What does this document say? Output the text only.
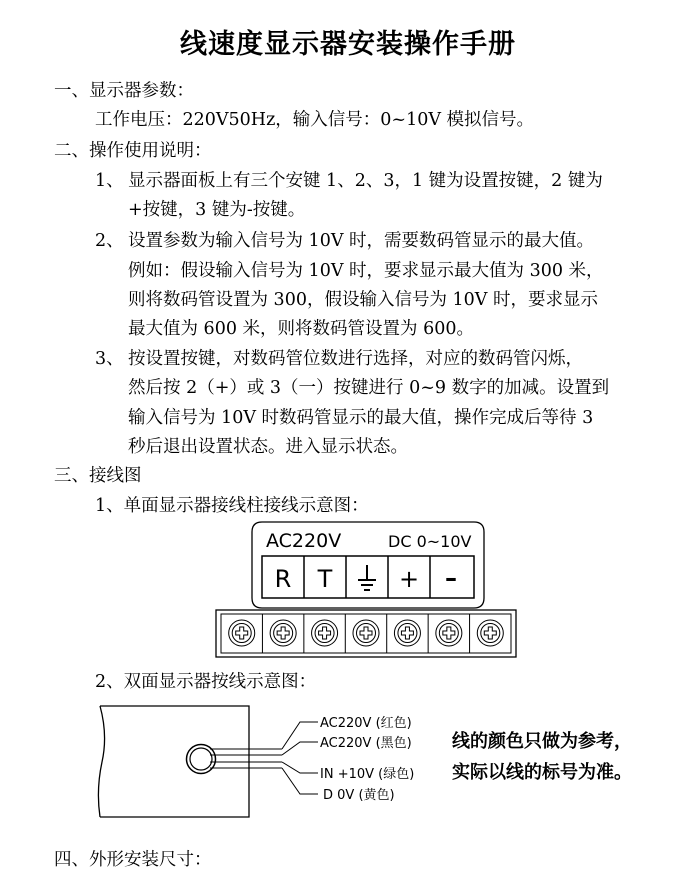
线速度显示器安装操作手册
一、显示器参数：
工作电压：220V50Hz，输入信号：0~10V 模拟信号。
二、操作使用说明：
1、 显示器面板上有三个安键 1、2、3，1 键为设置按键，2 键为
+按键，3 键为-按键。
2、 设置参数为输入信号为 10V 时，需要数码管显示的最大值。
例如：假设输入信号为 10V 时，要求显示最大值为 300 米，
则将数码管设置为 300，假设输入信号为 10V 时，要求显示
最大值为 600 米，则将数码管设置为 600。
3、 按设置按键，对数码管位数进行选择，对应的数码管闪烁，
然后按 2（+）或 3（一）按键进行 0~9 数字的加减。设置到
输入信号为 10V 时数码管显示的最大值，操作完成后等待 3
秒后退出设置状态。进入显示状态。
三、接线图
1、单面显示器接线柱接线示意图：
AC220V	DC 0~10V
R T	+ –
AC220V (红色)
AC220V (黑色)
IN +10V (绿色)
D 0V (黄色)
2、双面显示器按线示意图：
线的颜色只做为参考，
实际以线的标号为准。
四、外形安装尺寸：
